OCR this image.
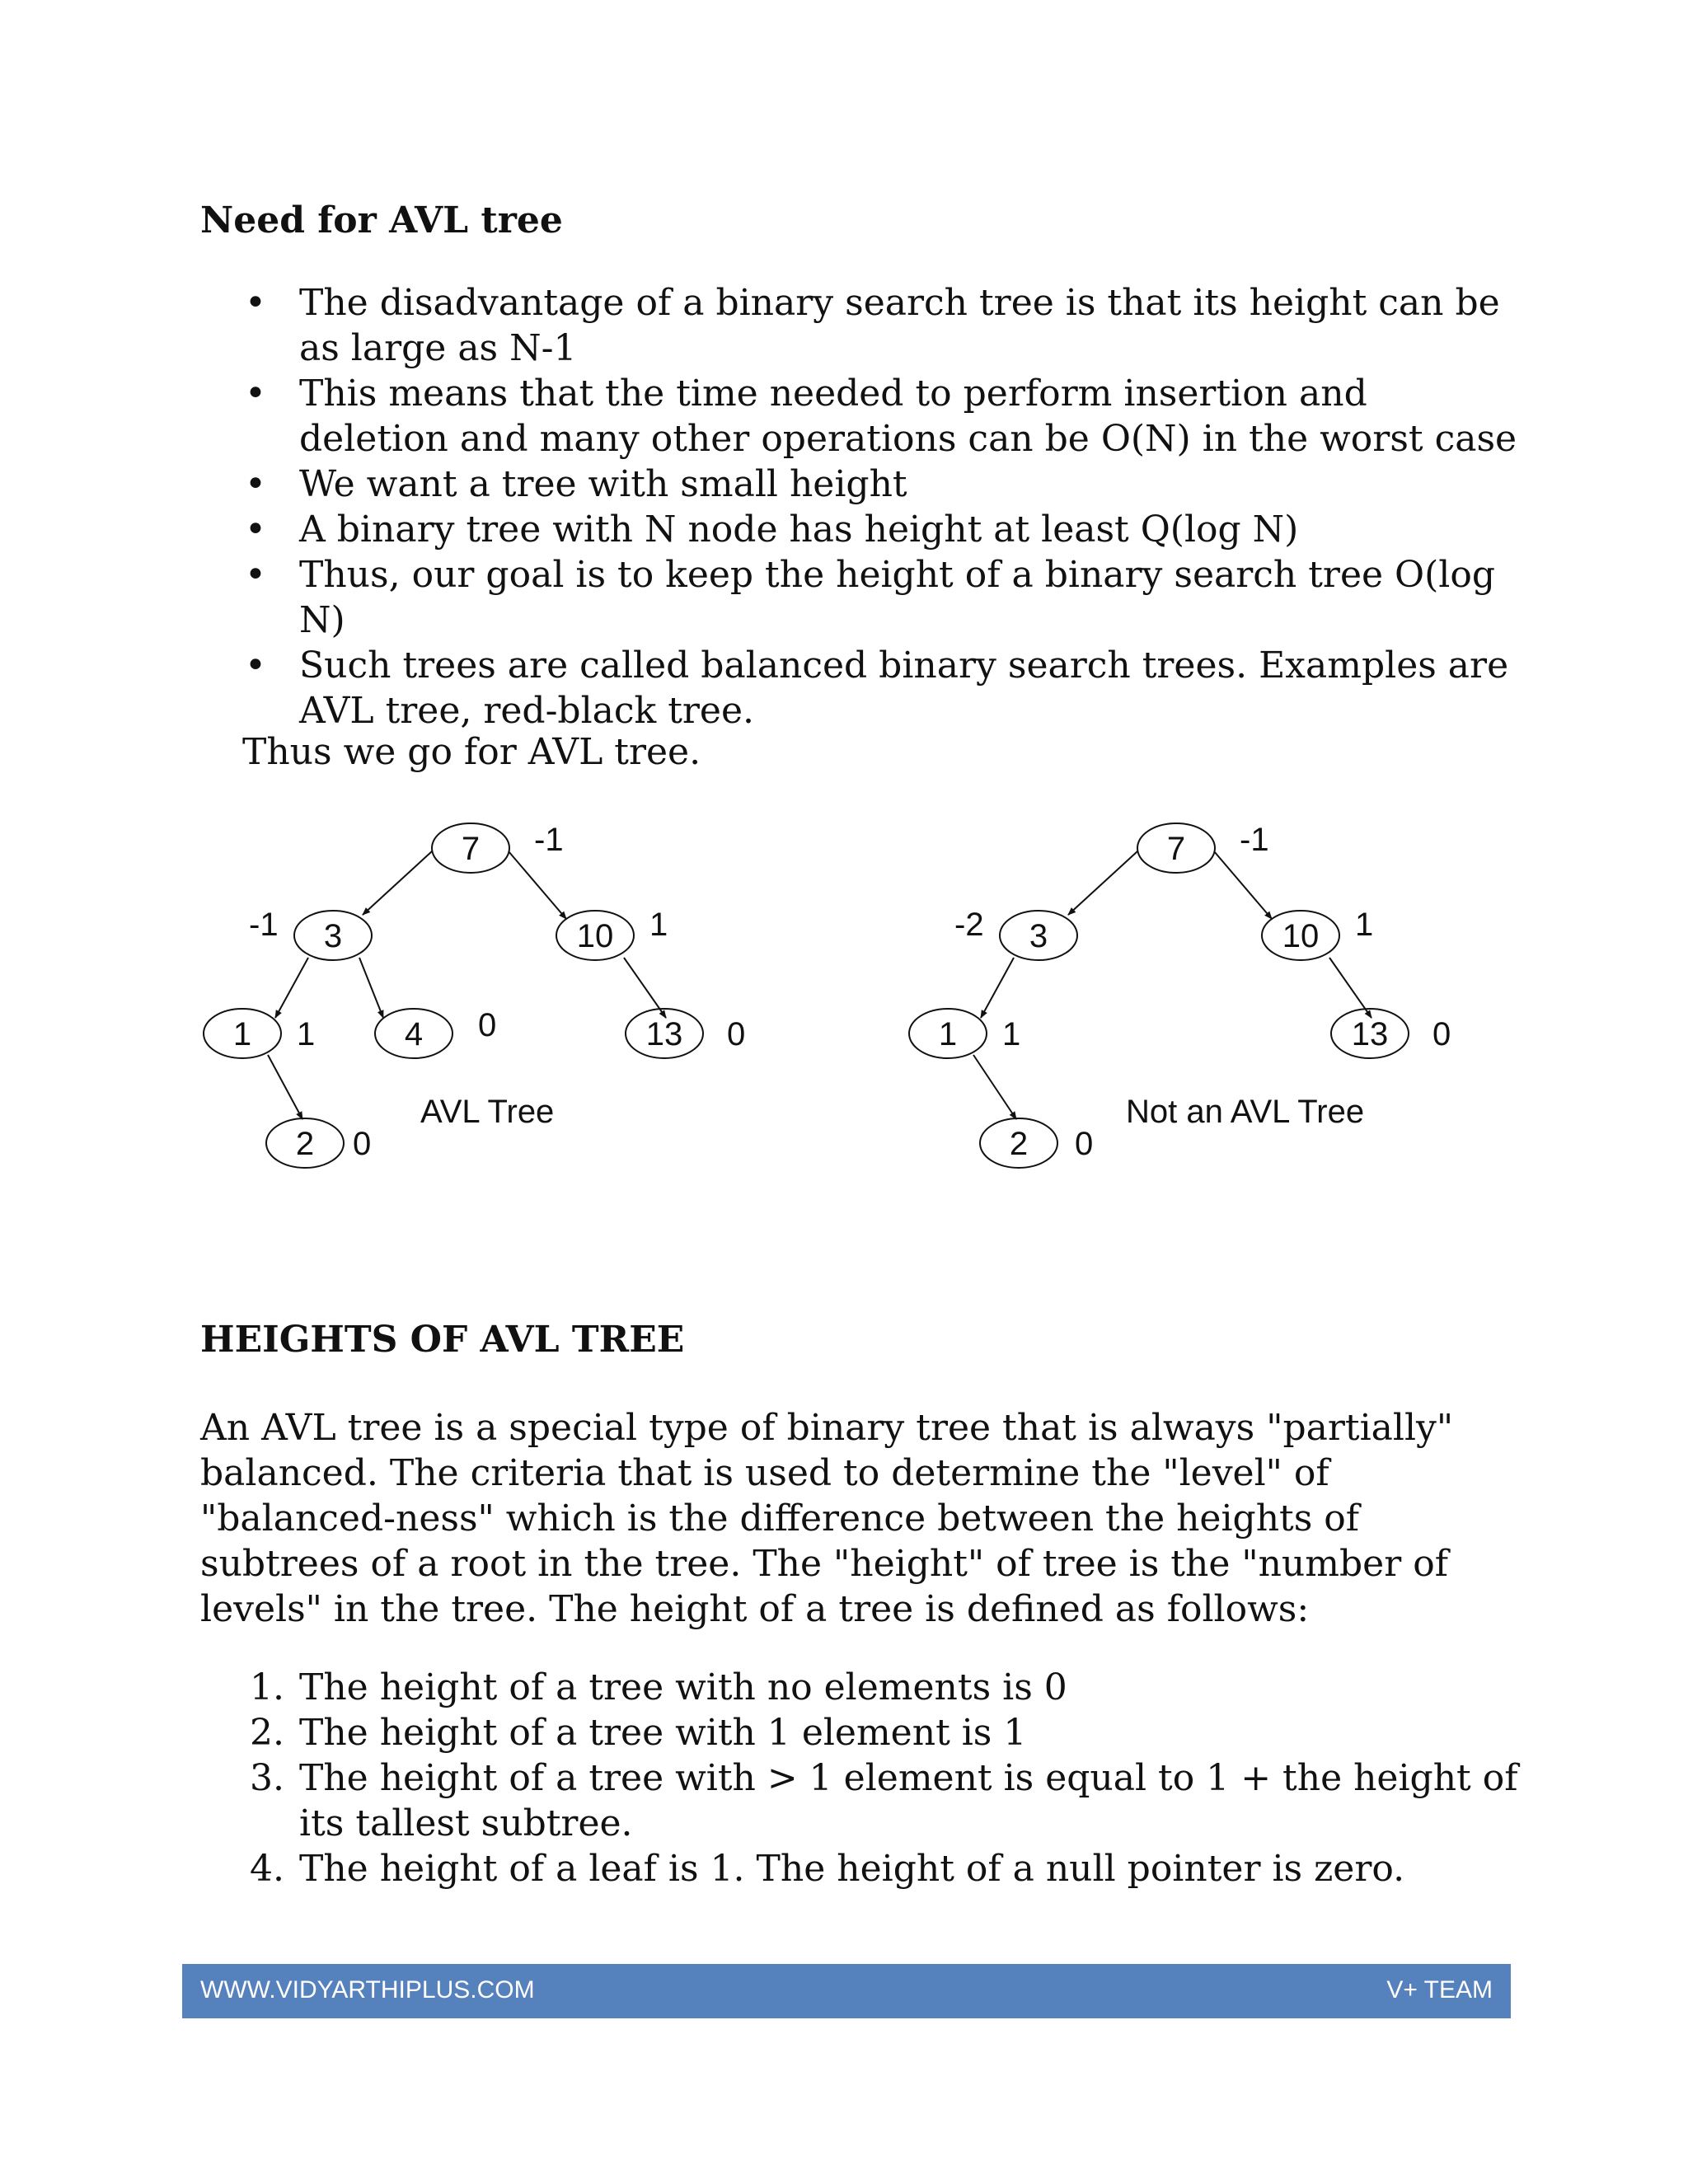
Need for AVL tree
• The disadvantage of a binary search tree is that its height can be as large as N-1
• This means that the time needed to perform insertion and deletion and many other operations can be O(N) in the worst case
• We want a tree with small height
• A binary tree with N node has height at least Q(log N)
• Thus, our goal is to keep the height of a binary search tree O(log N)
• Such trees are called balanced binary search trees. Examples are AVL tree, red-black tree.
Thus we go for AVL tree.
7
3	10
1	4	13
2
-1
-1	1
1	0	0
0
AVL Tree
7
3	10
1	13
2
-1
-2	1
1	0
0
Not an AVL Tree
HEIGHTS OF AVL TREE
An AVL tree is a special type of binary tree that is always "partially" balanced. The criteria that is used to determine the "level" of "balanced-ness" which is the difference between the heights of subtrees of a root in the tree. The "height" of tree is the "number of levels" in the tree. The height of a tree is defined as follows:
1. The height of a tree with no elements is 0
2. The height of a tree with 1 element is 1
3. The height of a tree with > 1 element is equal to 1 + the height of its tallest subtree.
4. The height of a leaf is 1. The height of a null pointer is zero.
WWW.VIDYARTHIPLUS.COM	V+ TEAM
